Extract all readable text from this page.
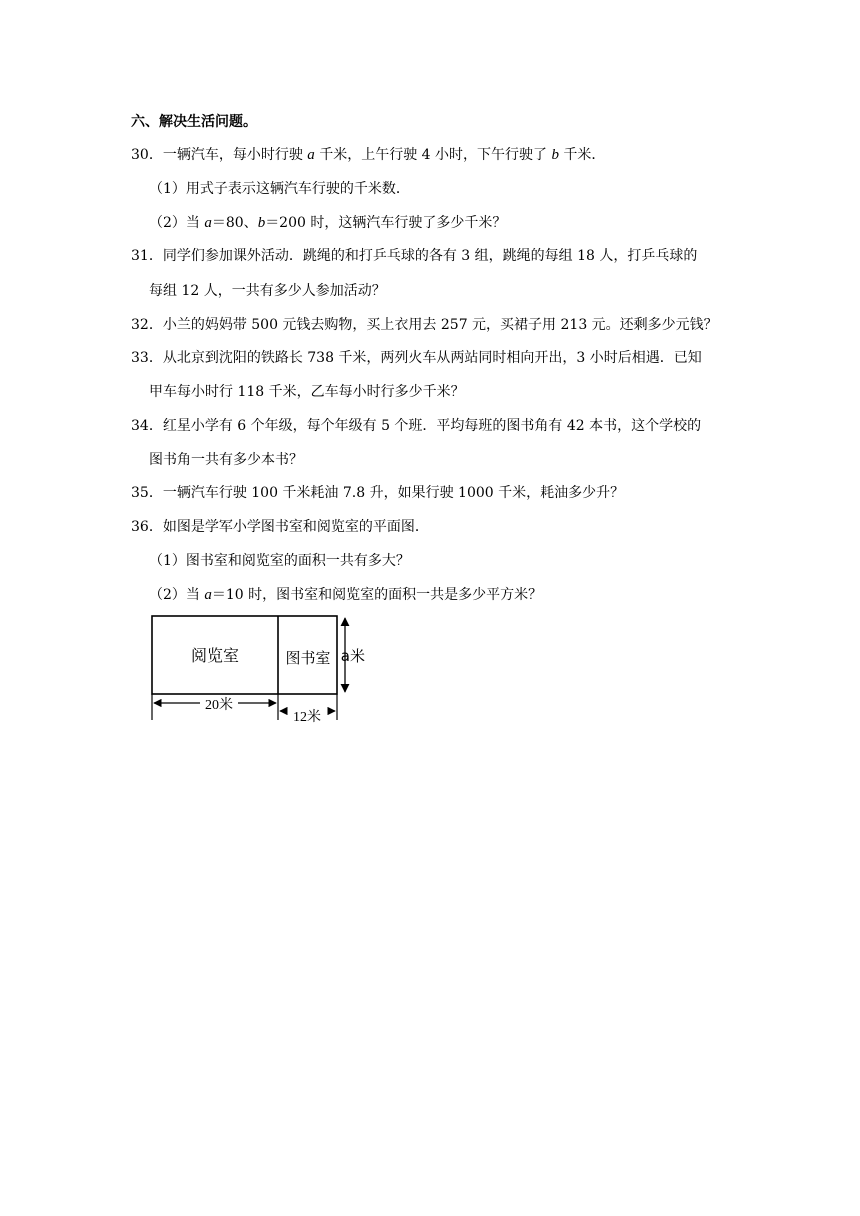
六、解决生活问题。
30．一辆汽车，每小时行驶 a 千米，上午行驶 4 小时，下午行驶了 b 千米．
（1）用式子表示这辆汽车行驶的千米数．
（2）当 a＝80、b＝200 时，这辆汽车行驶了多少千米？
31．同学们参加课外活动．跳绳的和打乒乓球的各有 3 组，跳绳的每组 18 人，打乒乓球的
每组 12 人，一共有多少人参加活动？
32．小兰的妈妈带 500 元钱去购物，买上衣用去 257 元，买裙子用 213 元。还剩多少元钱？
33．从北京到沈阳的铁路长 738 千米，两列火车从两站同时相向开出，3 小时后相遇．已知
甲车每小时行 118 千米，乙车每小时行多少千米？
34．红星小学有 6 个年级，每个年级有 5 个班．平均每班的图书角有 42 本书，这个学校的
图书角一共有多少本书？
35．一辆汽车行驶 100 千米耗油 7.8 升，如果行驶 1000 千米，耗油多少升？
36．如图是学军小学图书室和阅览室的平面图．
（1）图书室和阅览室的面积一共有多大？
（2）当 a＝10 时，图书室和阅览室的面积一共是多少平方米？
阅览室	图书室 a米
20米
12米
